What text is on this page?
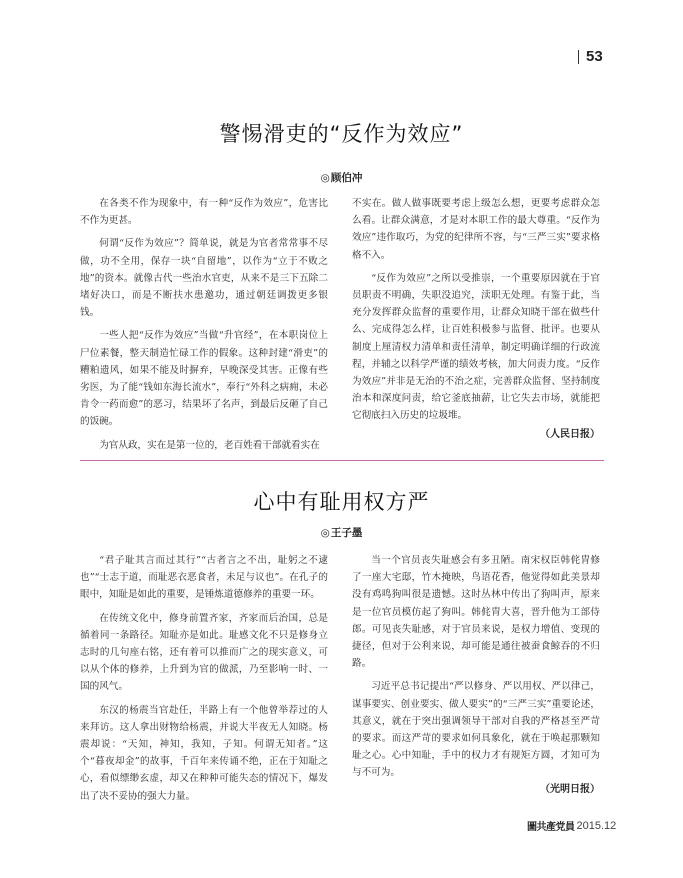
53
警惕滑吏的“反作为效应”
◎顾伯冲

在各类不作为现象中，有一种“反作为效应”，危害比不作为更甚。

何谓“反作为效应”？简单说，就是为官者常常事不尽做，功不全用，保存一块“自留地”，以作为“立于不败之地”的资本。就像古代一些治水官吏，从来不是三下五除二堵好决口，而是不断扶水患邀功，通过朝廷调拨更多银钱。

一些人把“反作为效应”当做“升官经”，在本职岗位上尸位素餐，整天制造忙碌工作的假象。这种封建“滑吏”的糟粕遗风，如果不能及时摒弃，早晚深受其害。正像有些劣医，为了能“钱如东海长流水”，奉行“外科之病痈，未必肯令一药而愈”的恶习，结果坏了名声，到最后反砸了自己的饭碗。

为官从政，实在是第一位的，老百姓看干部就看实在

不实在。做人做事既要考虑上级怎么想，更要考虑群众怎么看。让群众满意，才是对本职工作的最大尊重。“反作为效应”违作取巧，为党的纪律所不容，与“三严三实”要求格格不入。

“反作为效应”之所以受推崇，一个重要原因就在于官员职责不明确，失职没追究，渎职无处理。有鉴于此，当充分发挥群众监督的重要作用，让群众知晓干部在做些什么、完成得怎么样，让百姓积极参与监督、批评。也要从制度上厘清权力清单和责任清单，制定明确详细的行政流程，并辅之以科学严谨的绩效考核，加大问责力度。“反作为效应”并非是无治的不治之症，完善群众监督、坚持制度治本和深度问责，给它釜底抽薪，让它失去市场，就能把它彻底扫入历史的垃圾堆。

（人民日报）
心中有耻用权方严
◎王子墨

“君子耻其言而过其行”“古者言之不出，耻躬之不逮也”“士志于道，而耻恶衣恶食者，未足与议也”。在孔子的眼中，知耻是如此的重要，是锤炼道德修养的重要一环。

在传统文化中，修身前置齐家，齐家而后治国，总是循着同一条路径。知耻亦是如此。耻感文化不只是修身立志时的几句座右铭，还有着可以推而广之的现实意义，可以从个体的修养，上升到为官的做派，乃至影响一时、一国的风气。

东汉的杨震当官赴任，半路上有一个他曾举荐过的人来拜访。这人拿出财物给杨震，并说大半夜无人知晓。杨震却说：“天知，神知，我知，子知。何谓无知者。”这个“暮夜却金”的故事，千百年来传诵不绝，正在于知耻之心，看似缥缈玄虚，却又在种种可能失态的情况下，爆发出了决不妥协的强大力量。

当一个官员丧失耻感会有多丑陋。南宋权臣韩侂胄修了一座大宅邸，竹木掩映，鸟语花香，他觉得如此美景却没有鸡鸣狗叫很是遗憾。这时丛林中传出了狗叫声，原来是一位官员模仿起了狗叫。韩侂胄大喜，晋升他为工部侍郎。可见丧失耻感，对于官员来说，是权力增值、变现的捷径，但对于公利来说，却可能是通往被蚕食鲸吞的不归路。

习近平总书记提出“严以修身、严以用权、严以律己，谋事要实、创业要实、做人要实”的“三严三实”重要论述，其意义，就在于突出强调领导干部对自我的严格甚至严苛的要求。而这严苛的要求如何具象化，就在于唤起那颗知耻之心。心中知耻，手中的权力才有规矩方圆，才知可为与不可为。

（光明日报）
圖共產党員 2015.12
